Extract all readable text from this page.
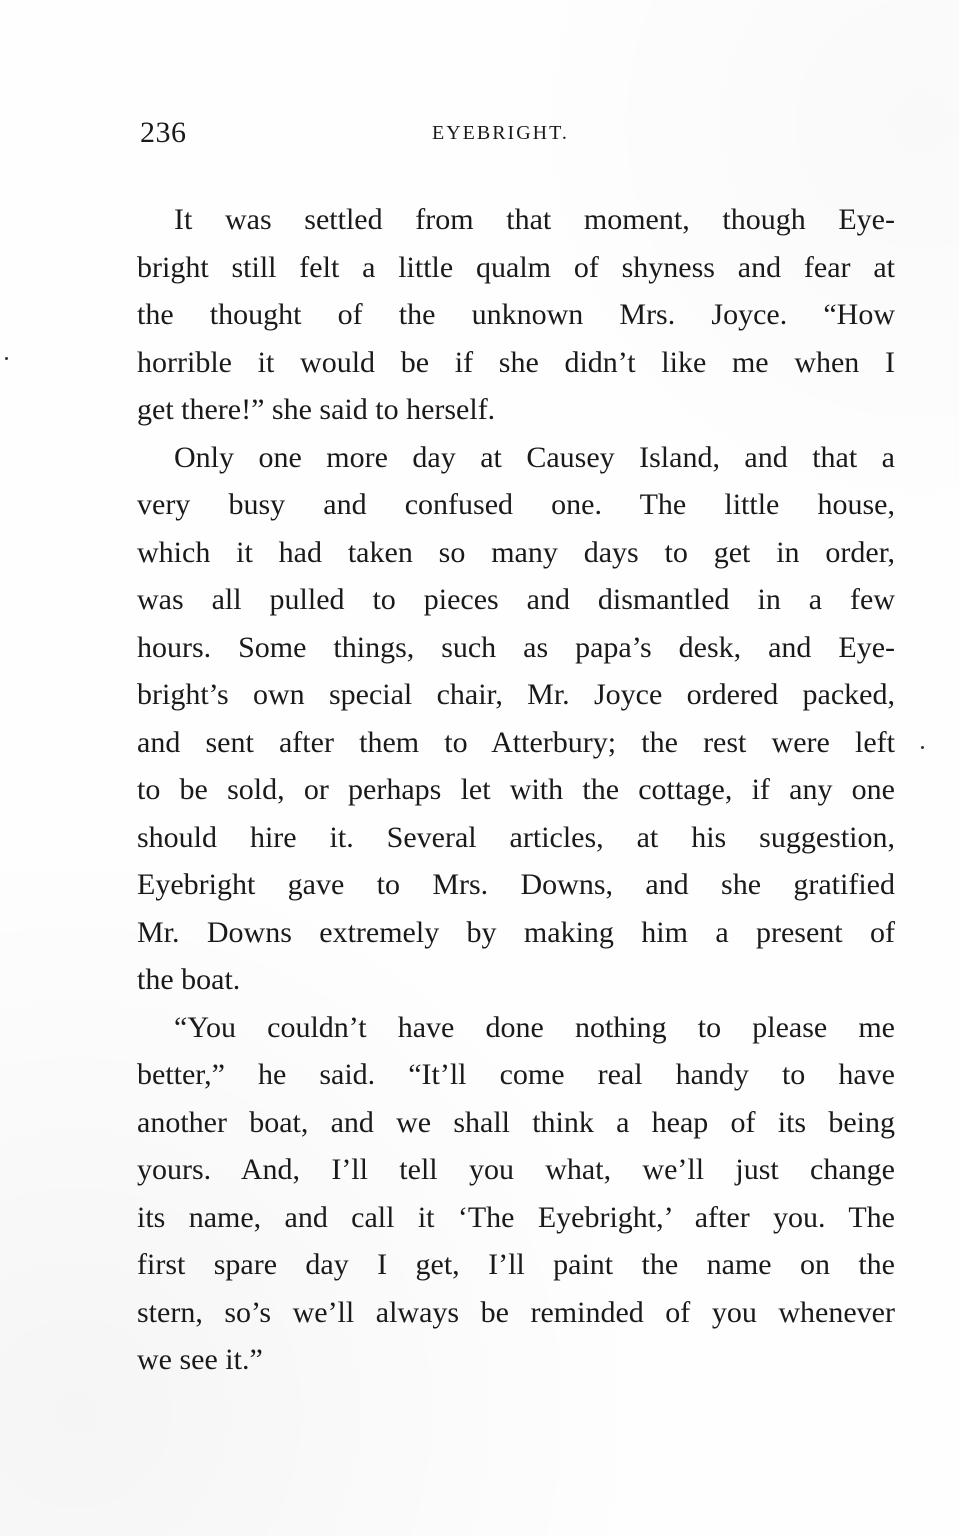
236	EYEBRIGHT.
It was settled from that moment, though Eye-
bright still felt a little qualm of shyness and fear at
the thought of the unknown Mrs. Joyce. “How
horrible it would be if she didn’t like me when I
get there!” she said to herself.
Only one more day at Causey Island, and that a
very busy and confused one. The little house,
which it had taken so many days to get in order,
was all pulled to pieces and dismantled in a few
hours. Some things, such as papa’s desk, and Eye-
bright’s own special chair, Mr. Joyce ordered packed,
and sent after them to Atterbury; the rest were left
to be sold, or perhaps let with the cottage, if any one
should hire it. Several articles, at his suggestion,
Eyebright gave to Mrs. Downs, and she gratified
Mr. Downs extremely by making him a present of
the boat.
“You couldn’t have done nothing to please me
better,” he said. “It’ll come real handy to have
another boat, and we shall think a heap of its being
yours. And, I’ll tell you what, we’ll just change
its name, and call it ‘The Eyebright,’ after you. The
first spare day I get, I’ll paint the name on the
stern, so’s we’ll always be reminded of you whenever
we see it.”
